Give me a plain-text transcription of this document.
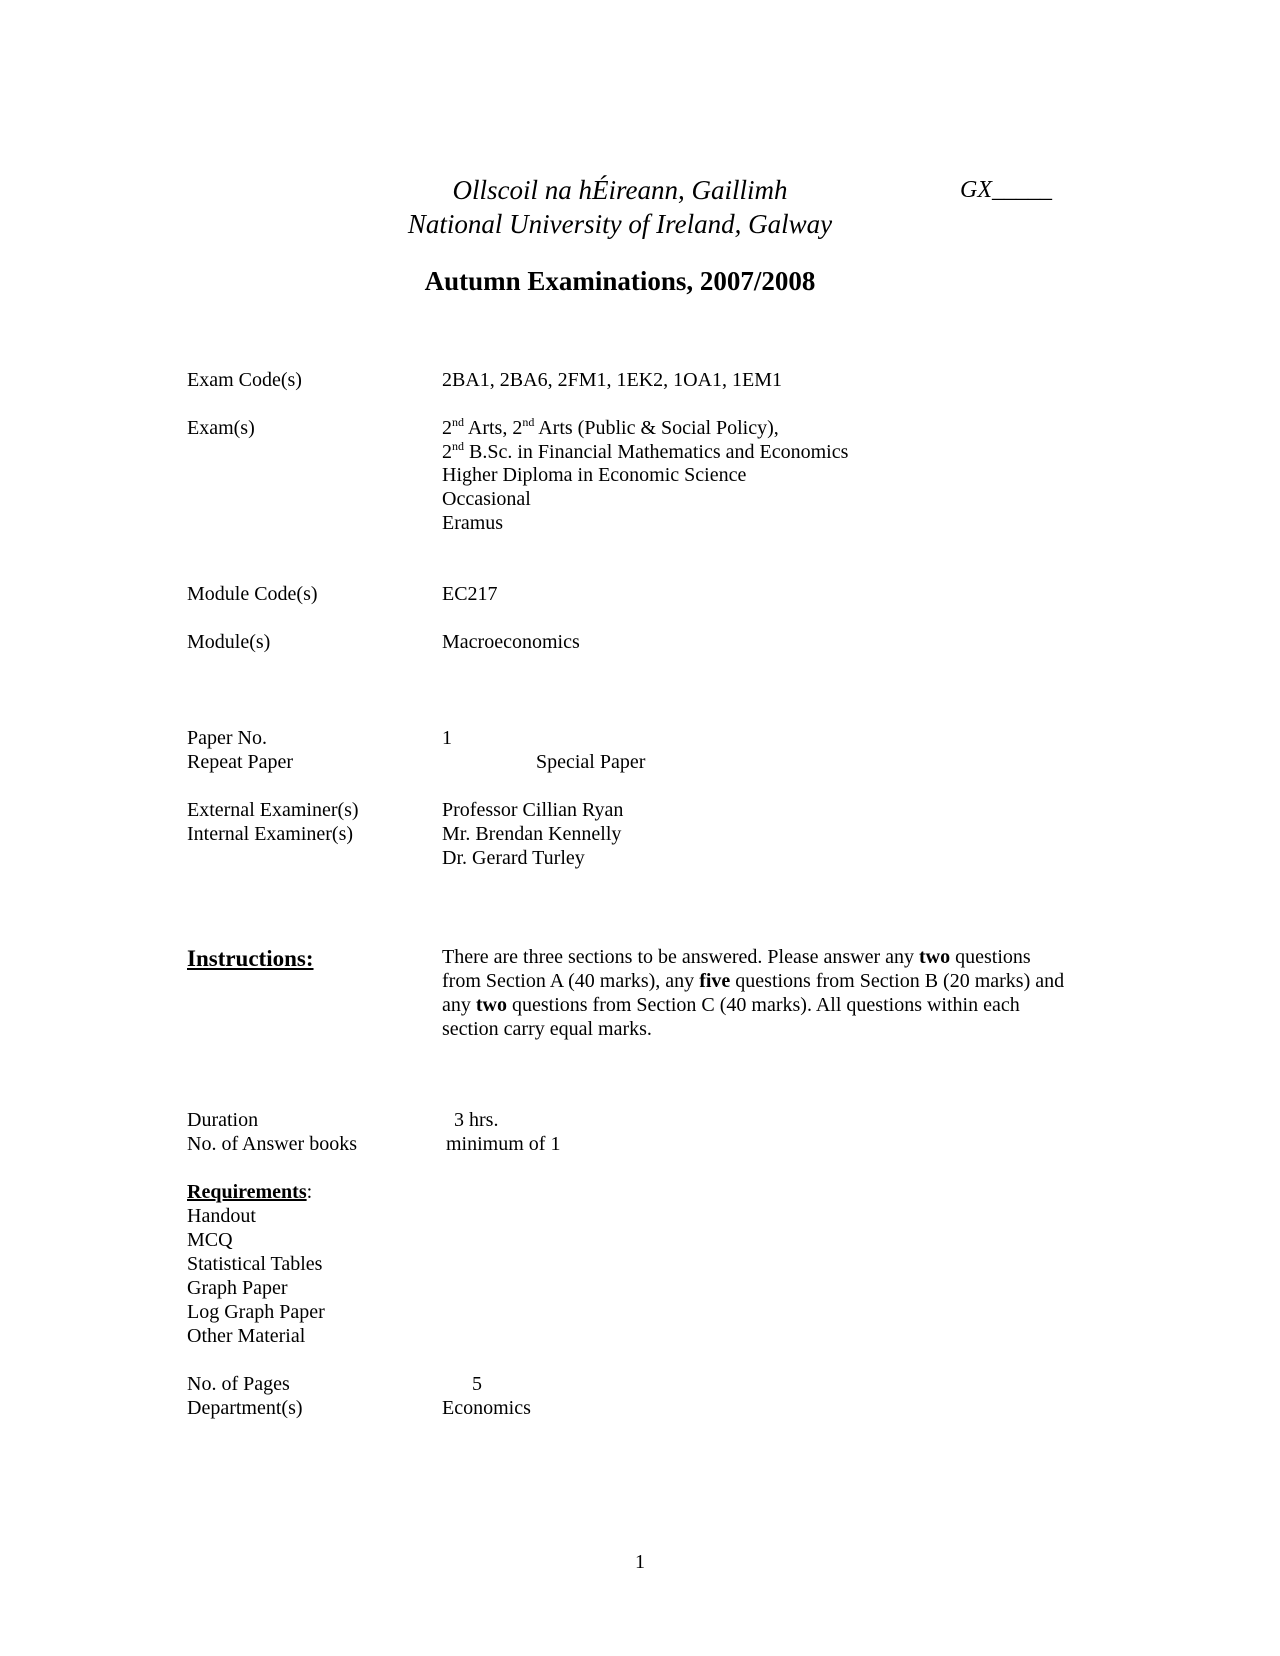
Ollscoil na hÉireann, Gaillimh
National University of Ireland, Galway
GX_____
Autumn Examinations, 2007/2008
Exam Code(s)	2BA1, 2BA6, 2FM1, 1EK2, 1OA1, 1EM1
Exam(s)	2nd Arts, 2nd Arts (Public & Social Policy),
2nd B.Sc. in Financial Mathematics and Economics
Higher Diploma in Economic Science
Occasional
Eramus
Module Code(s)	EC217
Module(s)	Macroeconomics
Paper No.	1
Repeat Paper	Special Paper
External Examiner(s)	Professor Cillian Ryan
Internal Examiner(s)	Mr. Brendan Kennelly
Dr. Gerard Turley
Instructions:	There are three sections to be answered. Please answer any two questions from Section A (40 marks), any five questions from Section B (20 marks) and any two questions from Section C (40 marks). All questions within each section carry equal marks.
Duration	3 hrs.
No. of Answer books	minimum of 1
Requirements:
Handout
MCQ
Statistical Tables
Graph Paper
Log Graph Paper
Other Material
No. of Pages	5
Department(s)	Economics
1
